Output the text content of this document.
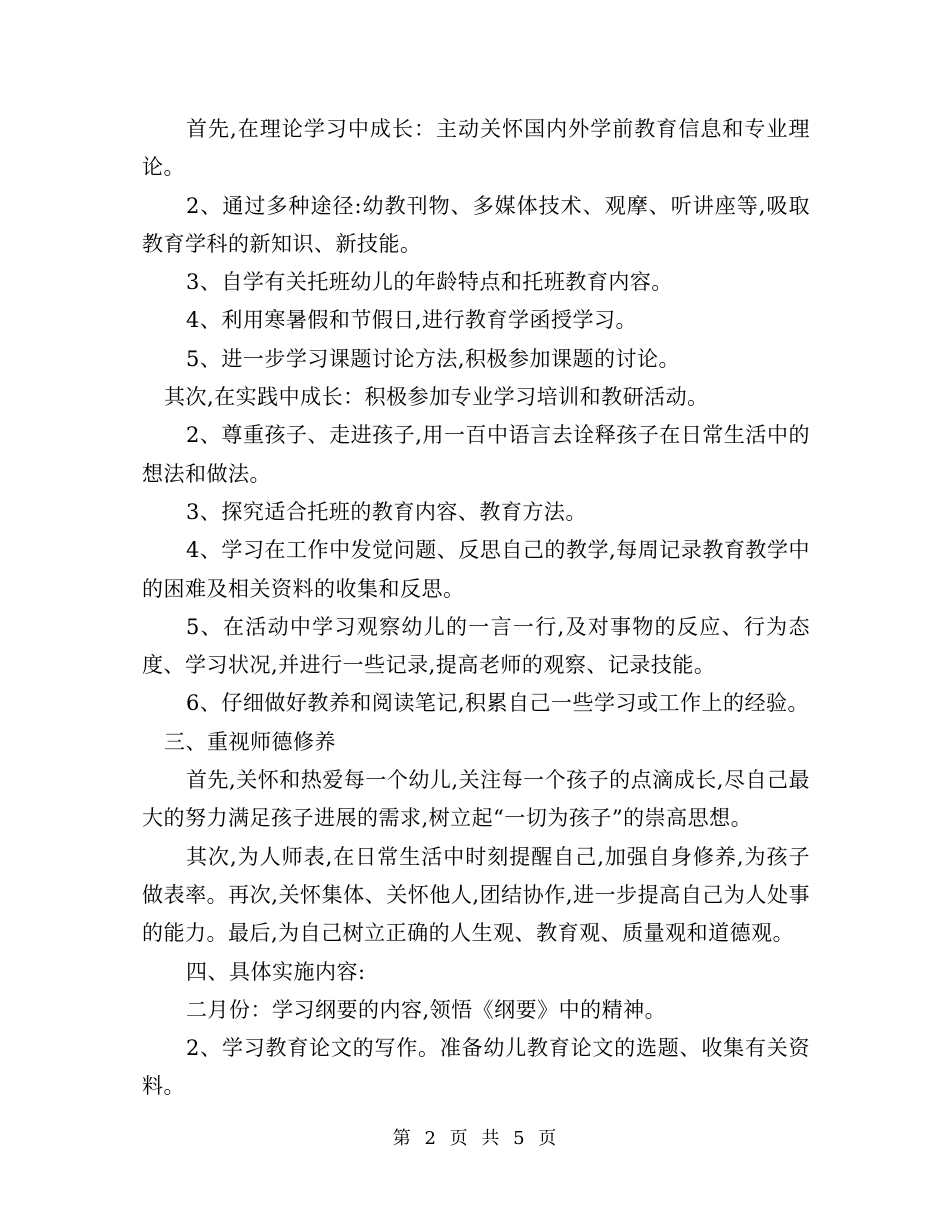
首先,在理论学习中成长：主动关怀国内外学前教育信息和专业理论。

2、通过多种途径:幼教刊物、多媒体技术、观摩、听讲座等,吸取教育学科的新知识、新技能。

3、自学有关托班幼儿的年龄特点和托班教育内容。

4、利用寒暑假和节假日,进行教育学函授学习。

5、进一步学习课题讨论方法,积极参加课题的讨论。

其次,在实践中成长：积极参加专业学习培训和教研活动。

2、尊重孩子、走进孩子,用一百中语言去诠释孩子在日常生活中的想法和做法。

3、探究适合托班的教育内容、教育方法。

4、学习在工作中发觉问题、反思自己的教学,每周记录教育教学中的困难及相关资料的收集和反思。

5、在活动中学习观察幼儿的一言一行,及对事物的反应、行为态度、学习状况,并进行一些记录,提高老师的观察、记录技能。

6、仔细做好教养和阅读笔记,积累自己一些学习或工作上的经验。

三、重视师德修养

首先,关怀和热爱每一个幼儿,关注每一个孩子的点滴成长,尽自己最大的努力满足孩子进展的需求,树立起“一切为孩子”的崇高思想。

其次,为人师表,在日常生活中时刻提醒自己,加强自身修养,为孩子做表率。再次,关怀集体、关怀他人,团结协作,进一步提高自己为人处事的能力。最后,为自己树立正确的人生观、教育观、质量观和道德观。

四、具体实施内容:

二月份：学习纲要的内容,领悟《纲要》中的精神。

2、学习教育论文的写作。准备幼儿教育论文的选题、收集有关资料。

第 2 页 共 5 页
